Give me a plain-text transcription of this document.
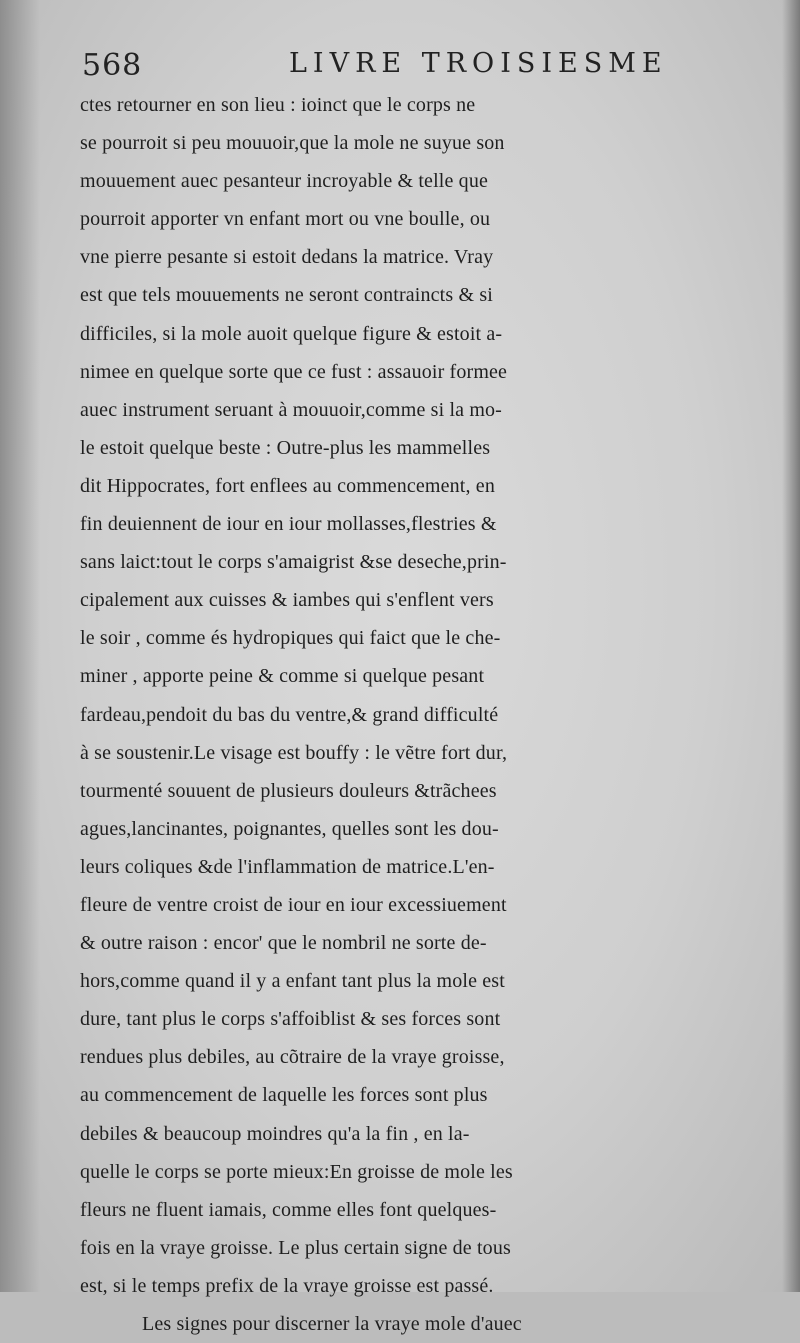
568	LIVRE TROISIESME
ctes retourner en son lieu : ioinct que le corps ne
se pourroit si peu mouuoir,que la mole ne suyue son
mouuement auec pesanteur incroyable & telle que
pourroit apporter vn enfant mort ou vne boulle, ou
vne pierre pesante si estoit dedans la matrice. Vray
est que tels mouuements ne seront contraincts & si
difficiles, si la mole auoit quelque figure & estoit a-
nimee en quelque sorte que ce fust : assauoir formee
auec instrument seruant à mouuoir,comme si la mo-
le estoit quelque beste : Outre-plus les mammelles
dit Hippocrates, fort enflees au commencement, en
fin deuiennent de iour en iour mollasses,flestries &
sans laict:tout le corps s'amaigrist &se deseche,prin-
cipalement aux cuisses & iambes qui s'enflent vers
le soir , comme és hydropiques qui faict que le che-
miner , apporte peine & comme si quelque pesant
fardeau,pendoit du bas du ventre,& grand difficulté
à se soustenir.Le visage est bouffy : le vẽtre fort dur,
tourmenté souuent de plusieurs douleurs &trãchees
agues,lancinantes, poignantes, quelles sont les dou-
leurs coliques &de l'inflammation de matrice.L'en-
fleure de ventre croist de iour en iour excessiuement
& outre raison : encor' que le nombril ne sorte de-
hors,comme quand il y a enfant tant plus la mole est
dure, tant plus le corps s'affoiblist & ses forces sont
rendues plus debiles, au cõtraire de la vraye groisse,
au commencement de laquelle les forces sont plus
debiles & beaucoup moindres qu'a la fin , en la-
quelle le corps se porte mieux:En groisse de mole les
fleurs ne fluent iamais, comme elles font quelques-
fois en la vraye groisse. Le plus certain signe de tous
est, si le temps prefix de la vraye groisse est passé.
Les signes pour discerner la vraye mole d'auec
